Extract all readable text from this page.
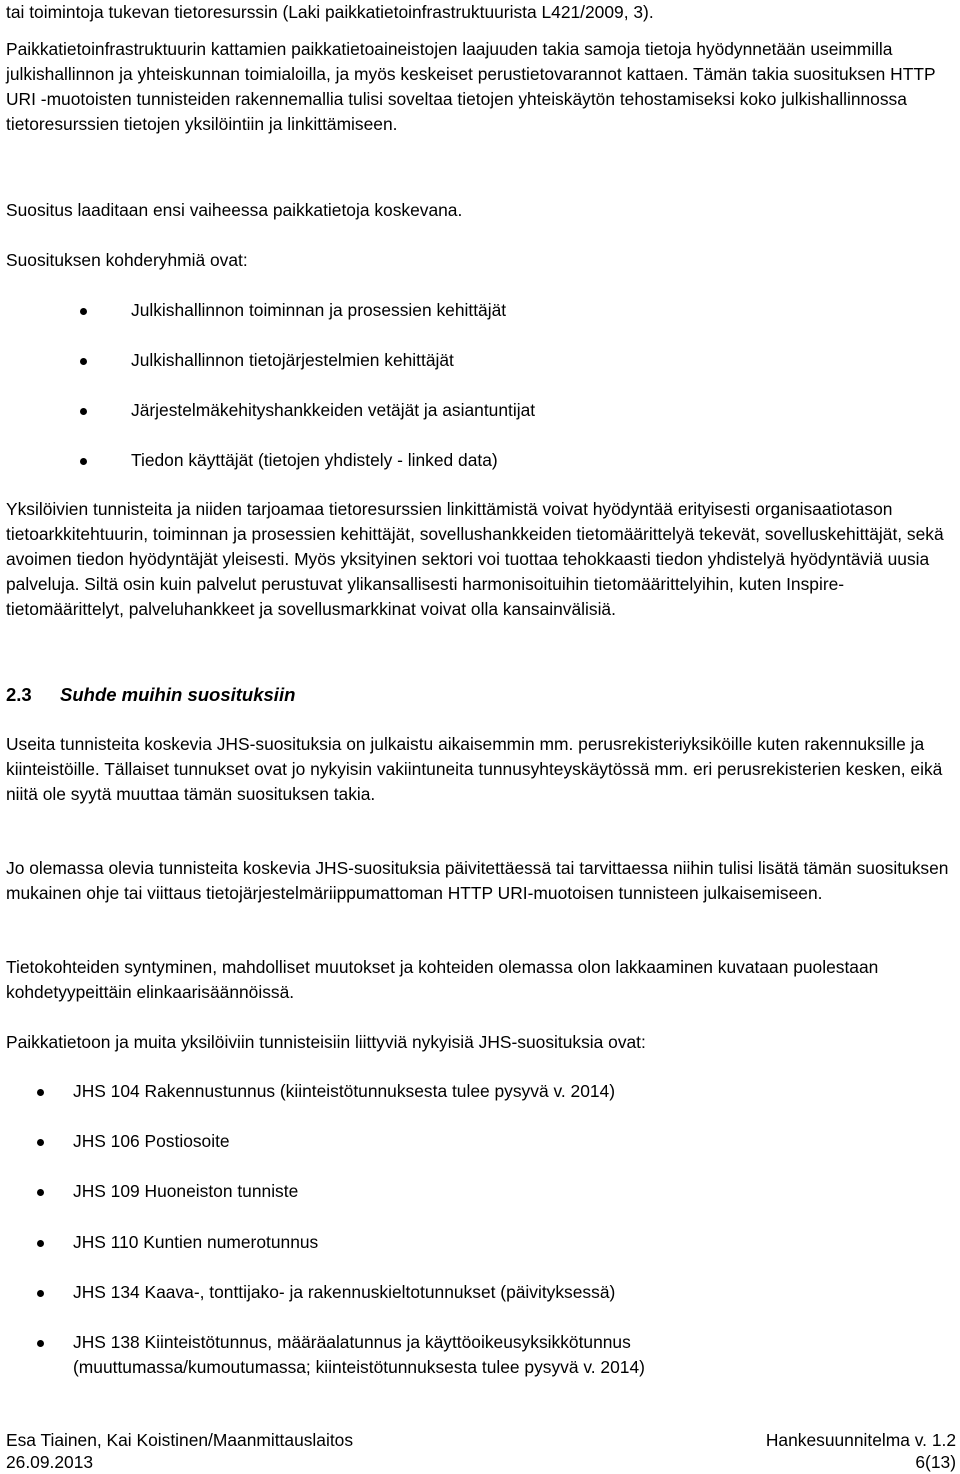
tai toimintoja tukevan tietoresurssin (Laki paikkatietoinfrastruktuurista L421/2009, 3).

Paikkatietoinfrastruktuurin kattamien paikkatietoaineistojen laajuuden takia samoja tietoja hyödynnetään useimmilla julkishallinnon ja yhteiskunnan toimialoilla, ja myös keskeiset perustietovarannot kattaen. Tämän takia suosituksen HTTP URI -muotoisten tunnisteiden rakennemallia tulisi soveltaa tietojen yhteiskäytön tehostamiseksi koko julkishallinnossa tietoresurssien tietojen yksilöintiin ja linkittämiseen.

Suositus laaditaan ensi vaiheessa paikkatietoja koskevana.

Suosituksen kohderyhmiä ovat:

Julkishallinnon toiminnan ja prosessien kehittäjät

Julkishallinnon tietojärjestelmien kehittäjät

Järjestelmäkehityshankkeiden vetäjät ja asiantuntijat

Tiedon käyttäjät (tietojen yhdistely - linked data)

Yksilöivien tunnisteita ja niiden tarjoamaa tietoresurssien linkittämistä voivat hyödyntää erityisesti organisaatiotason tietoarkkitehtuurin, toiminnan ja prosessien kehittäjät, sovellushankkeiden tietomäärittelyä tekevät, sovelluskehittäjät, sekä avoimen tiedon hyödyntäjät yleisesti. Myös yksityinen sektori voi tuottaa tehokkaasti tiedon yhdistelyä hyödyntäviä uusia palveluja. Siltä osin kuin palvelut perustuvat ylikansallisesti harmonisoituihin tietomäärittelyihin, kuten Inspire-tietomäärittelyt, palveluhankkeet ja sovellusmarkkinat voivat olla kansainvälisiä.

2.3 Suhde muihin suosituksiin

Useita tunnisteita koskevia JHS-suosituksia on julkaistu aikaisemmin mm. perusrekisteriyksiköille kuten rakennuksille ja kiinteistöille. Tällaiset tunnukset ovat jo nykyisin vakiintuneita tunnusyhteyskäytössä mm. eri perusrekisterien kesken, eikä niitä ole syytä muuttaa tämän suosituksen takia.

Jo olemassa olevia tunnisteita koskevia JHS-suosituksia päivitettäessä tai tarvittaessa niihin tulisi lisätä tämän suosituksen mukainen ohje tai viittaus tietojärjestelmäriippumattoman HTTP URI-muotoisen tunnisteen julkaisemiseen.

Tietokohteiden syntyminen, mahdolliset muutokset ja kohteiden olemassa olon lakkaaminen kuvataan puolestaan kohdetyypeittäin elinkaarisäännöissä.

Paikkatietoon ja muita yksilöiviin tunnisteisiin liittyviä nykyisiä JHS-suosituksia ovat:

JHS 104 Rakennustunnus (kiinteistötunnuksesta tulee pysyvä v. 2014)

JHS 106 Postiosoite

JHS 109 Huoneiston tunniste

JHS 110 Kuntien numerotunnus

JHS 134 Kaava-, tonttijako- ja rakennuskieltotunnukset (päivityksessä)

JHS 138 Kiinteistötunnus, määräalatunnus ja käyttöoikeusyksikkötunnus (muuttumassa/kumoutumassa; kiinteistötunnuksesta tulee pysyvä v. 2014)

Esa Tiainen, Kai Koistinen/Maanmittauslaitos	Hankesuunnitelma v. 1.2
26.09.2013	6(13)
